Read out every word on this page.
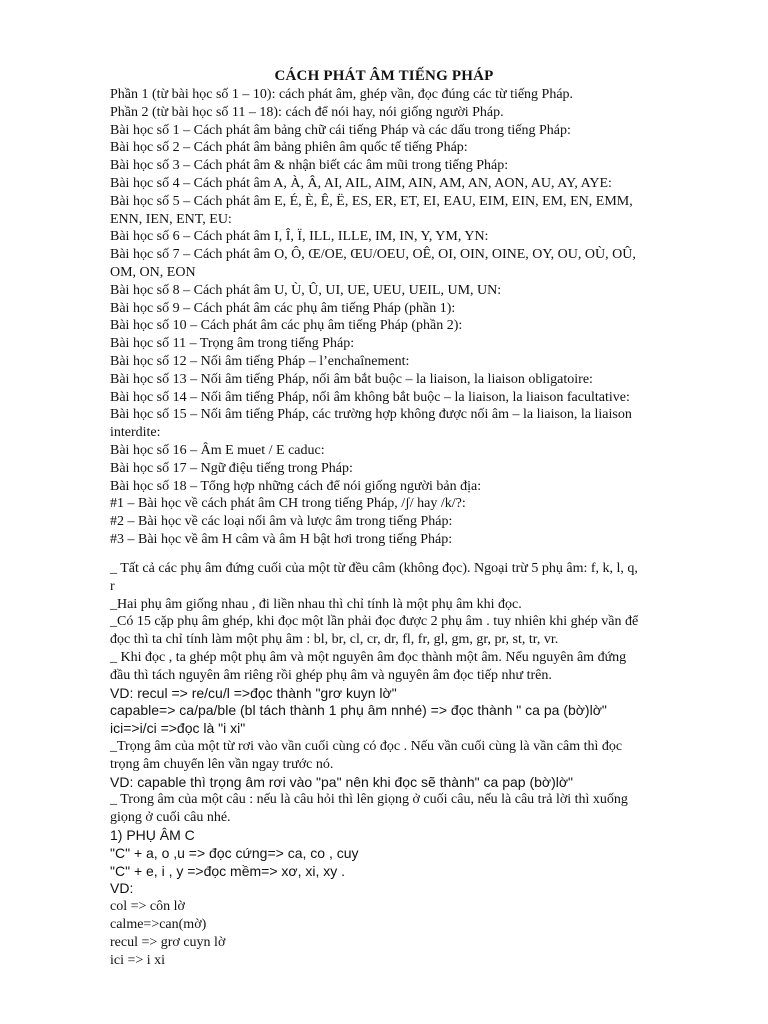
CÁCH PHÁT ÂM TIẾNG PHÁP
Phần 1 (từ bài học số 1 – 10): cách phát âm, ghép vần, đọc đúng các từ tiếng Pháp.
Phần 2 (từ bài học số 11 – 18): cách để nói hay, nói giống người Pháp.
Bài học số 1 – Cách phát âm bảng chữ cái tiếng Pháp và các dấu trong tiếng Pháp:
Bài học số 2 – Cách phát âm bảng phiên âm quốc tế tiếng Pháp:
Bài học số 3 – Cách phát âm & nhận biết các âm mũi trong tiếng Pháp:
Bài học số 4 – Cách phát âm A, À, Â, AI, AIL, AIM, AIN, AM, AN, AON, AU, AY, AYE:
Bài học số 5 – Cách phát âm E, É, È, Ê, Ë, ES, ER, ET, EI, EAU, EIM, EIN, EM, EN, EMM,
ENN, IEN, ENT, EU:
Bài học số 6 – Cách phát âm I, Î, Ï, ILL, ILLE, IM, IN, Y, YM, YN:
Bài học số 7 – Cách phát âm O, Ô, Œ/OE, ŒU/OEU, OÊ, OI, OIN, OINE, OY, OU, OÙ, OÛ,
OM, ON, EON
Bài học số 8 – Cách phát âm U, Ù, Û, UI, UE, UEU, UEIL, UM, UN:
Bài học số 9 – Cách phát âm các phụ âm tiếng Pháp (phần 1):
Bài học số 10 – Cách phát âm các phụ âm tiếng Pháp (phần 2):
Bài học số 11 – Trọng âm trong tiếng Pháp:
Bài học số 12 – Nối âm tiếng Pháp – l’enchaînement:
Bài học số 13 – Nối âm tiếng Pháp, nối âm bắt buộc – la liaison, la liaison obligatoire:
Bài học số 14 – Nối âm tiếng Pháp, nối âm không bắt buộc – la liaison, la liaison facultative:
Bài học số 15 – Nối âm tiếng Pháp, các trường hợp không được nối âm – la liaison, la liaison
interdite:
Bài học số 16 – Âm E muet / E caduc:
Bài học số 17 – Ngữ điệu tiếng trong Pháp:
Bài học số 18 – Tổng hợp những cách để nói giống người bản địa:
#1 – Bài học về cách phát âm CH trong tiếng Pháp, /ʃ/ hay /k/?:
#2 – Bài học về các loại nối âm và lược âm trong tiếng Pháp:
#3 – Bài học về âm H câm và âm H bật hơi trong tiếng Pháp:
_ Tất cả các phụ âm đứng cuối của một từ đều câm (không đọc). Ngoại trừ 5 phụ âm: f, k, l, q,
r
_Hai phụ âm giống nhau , đi liền nhau thì chỉ tính là một phụ âm khi đọc.
_Có 15 cặp phụ âm ghép, khi đọc một lần phải đọc được 2 phụ âm . tuy nhiên khi ghép vần để
đọc thì ta chỉ tính làm một phụ âm : bl, br, cl, cr, dr, fl, fr, gl, gm, gr, pr, st, tr, vr.
_ Khi đọc , ta ghép một phụ âm và một nguyên âm đọc thành một âm. Nếu nguyên âm đứng
đầu thì tách nguyên âm riêng rồi ghép phụ âm và nguyên âm đọc tiếp như trên.
VD: recul => re/cu/l =>đọc thành "grơ kuyn lờ"
capable=> ca/pa/ble (bl tách thành 1 phụ âm nnhé) => đọc thành " ca pa (bờ)lờ"
ici=>i/ci =>đọc là "i xi"
_Trọng âm của một từ rơi vào vần cuối cùng có đọc . Nếu vần cuối cùng là vần câm thì đọc
trọng âm chuyển lên vần ngay trước nó.
VD: capable thì trọng âm rơi vào "pa" nên khi đọc sẽ thành" ca pap (bờ)lờ"
_ Trong âm của một câu : nếu là câu hỏi thì lên giọng ở cuối câu, nếu là câu trả lời thì xuống
giọng ở cuối câu nhé.
1) PHỤ ÂM C
"C" + a, o ,u => đọc cứng=> ca, co , cuy
"C" + e, i , y =>đọc mềm=> xơ, xi, xy .
VD:
col => côn lờ
calme=>can(mờ)
recul => grơ cuyn lờ
ici => i xi
